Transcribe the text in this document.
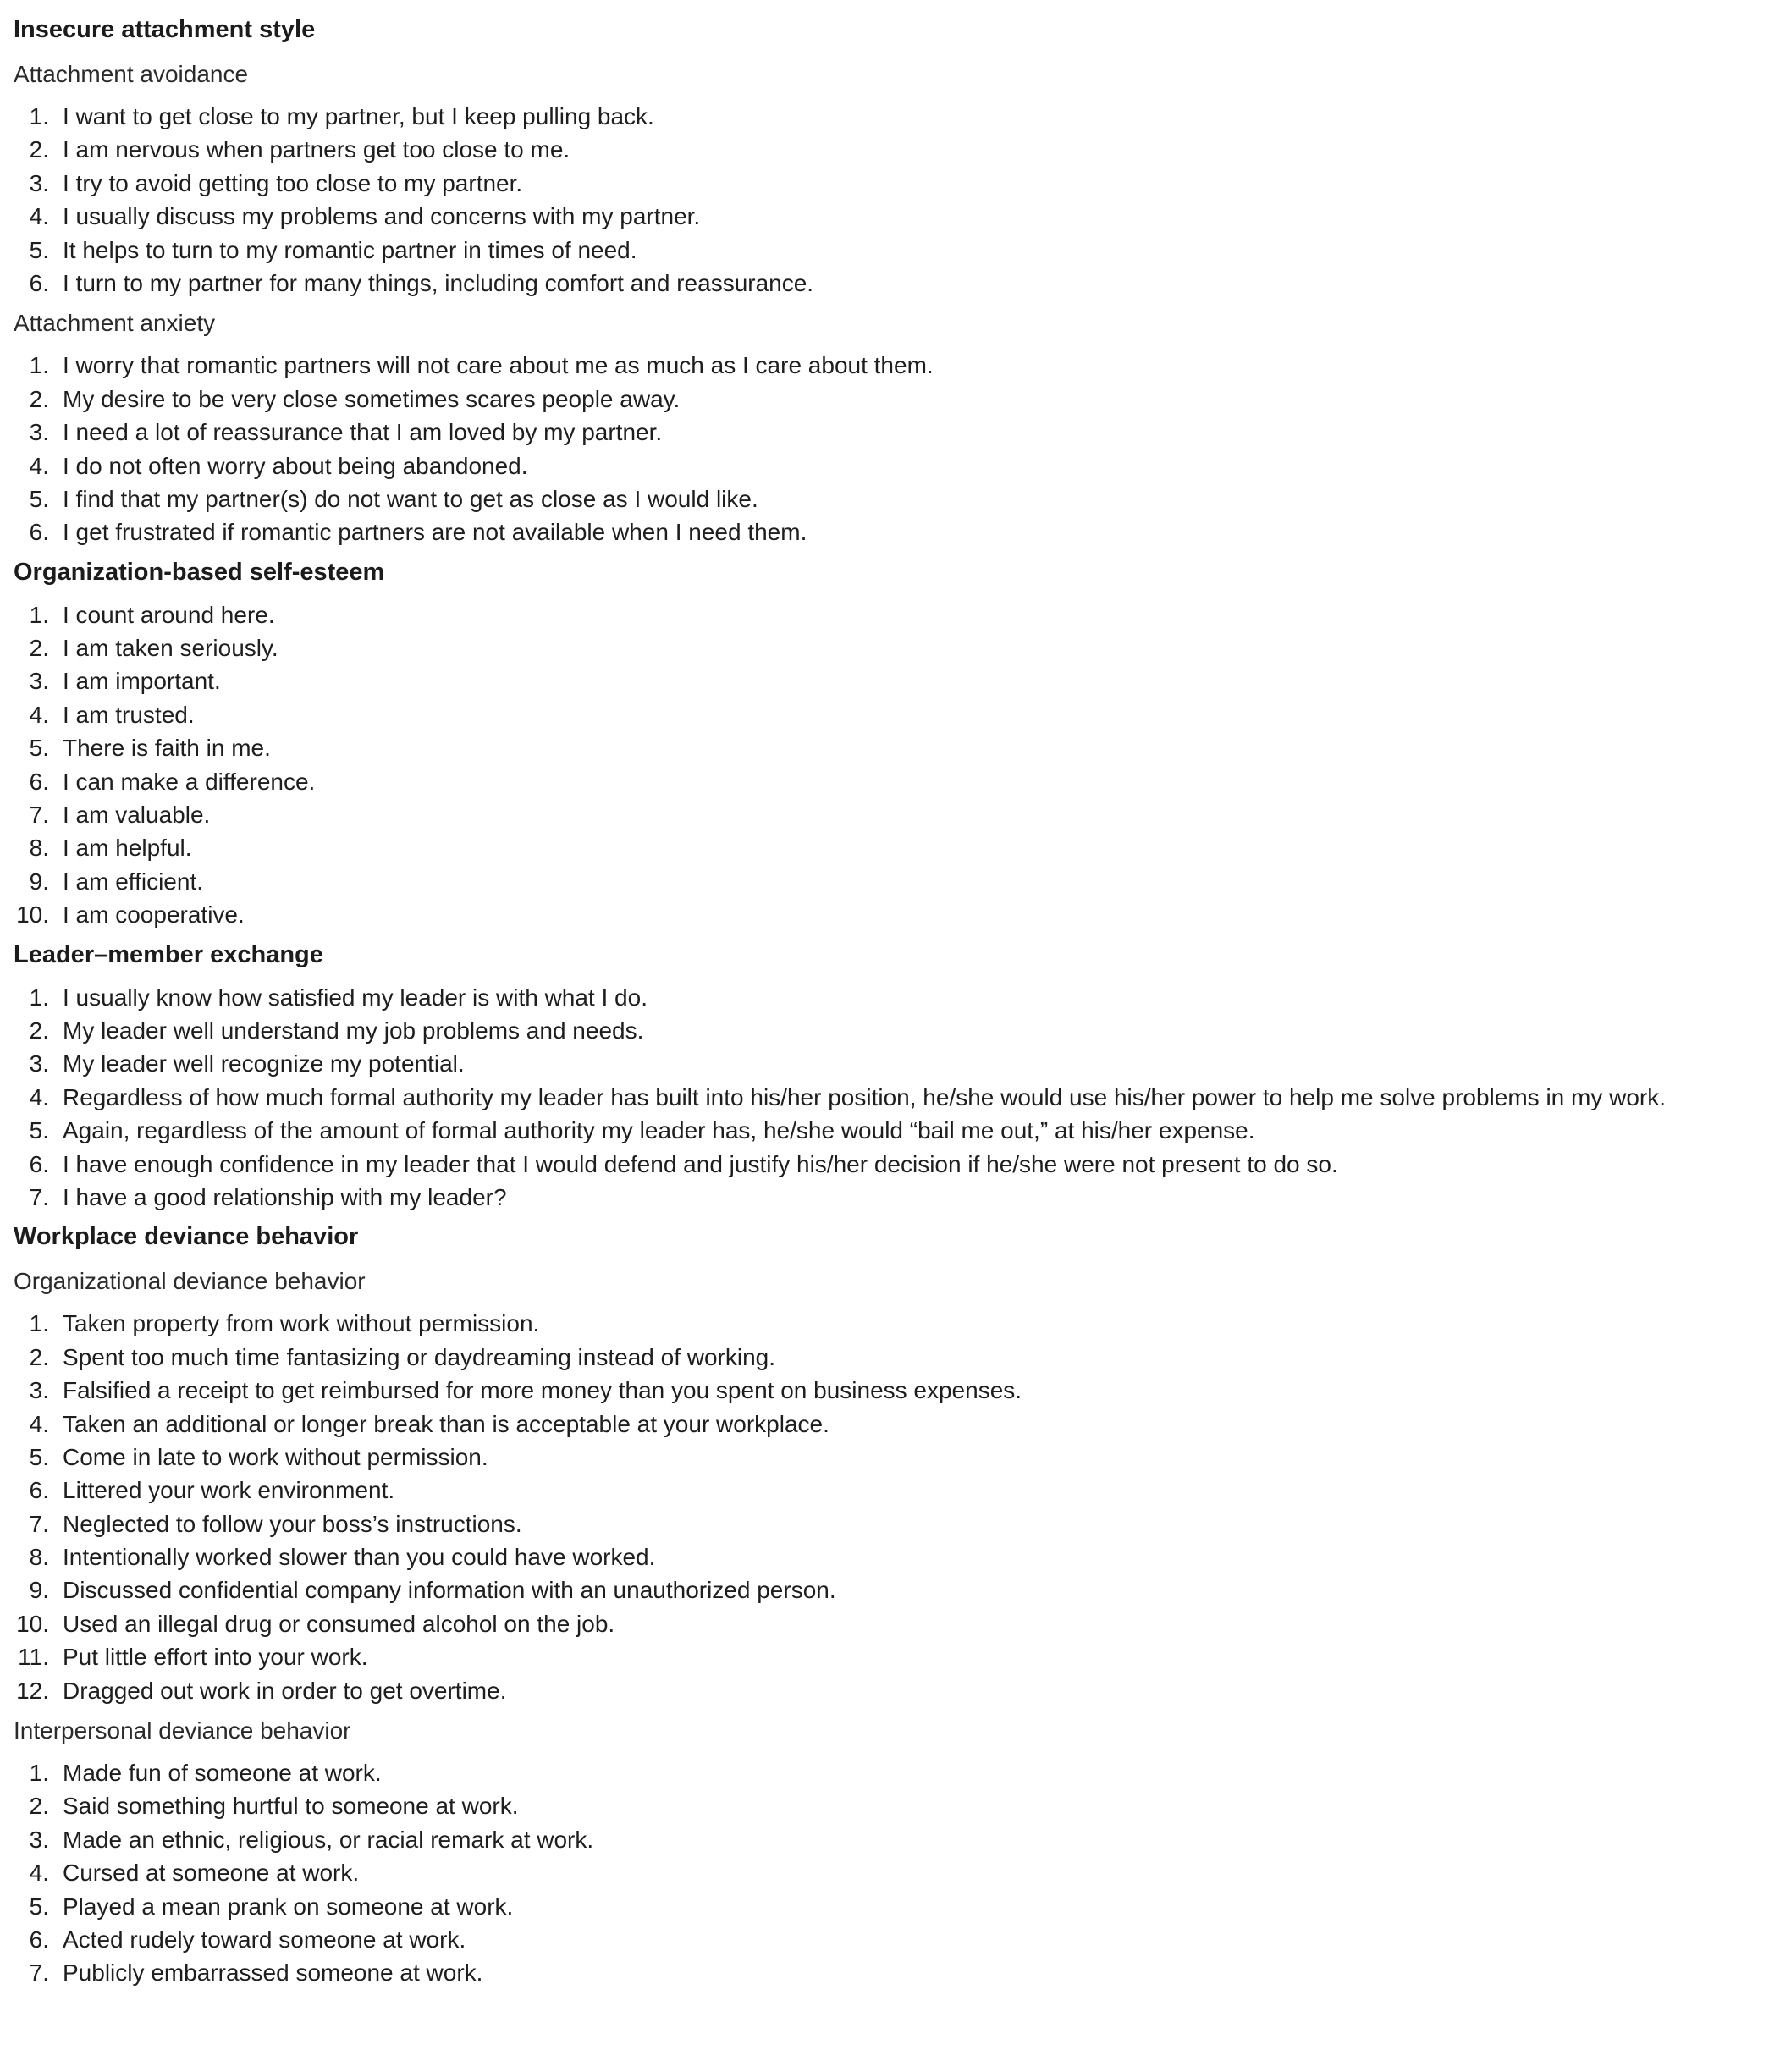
Insecure attachment style
Attachment avoidance
1. I want to get close to my partner, but I keep pulling back.
2. I am nervous when partners get too close to me.
3. I try to avoid getting too close to my partner.
4. I usually discuss my problems and concerns with my partner.
5. It helps to turn to my romantic partner in times of need.
6. I turn to my partner for many things, including comfort and reassurance.
Attachment anxiety
1. I worry that romantic partners will not care about me as much as I care about them.
2. My desire to be very close sometimes scares people away.
3. I need a lot of reassurance that I am loved by my partner.
4. I do not often worry about being abandoned.
5. I find that my partner(s) do not want to get as close as I would like.
6. I get frustrated if romantic partners are not available when I need them.
Organization-based self-esteem
1. I count around here.
2. I am taken seriously.
3. I am important.
4. I am trusted.
5. There is faith in me.
6. I can make a difference.
7. I am valuable.
8. I am helpful.
9. I am efficient.
10. I am cooperative.
Leader–member exchange
1. I usually know how satisfied my leader is with what I do.
2. My leader well understand my job problems and needs.
3. My leader well recognize my potential.
4. Regardless of how much formal authority my leader has built into his/her position, he/she would use his/her power to help me solve problems in my work.
5. Again, regardless of the amount of formal authority my leader has, he/she would “bail me out,” at his/her expense.
6. I have enough confidence in my leader that I would defend and justify his/her decision if he/she were not present to do so.
7. I have a good relationship with my leader?
Workplace deviance behavior
Organizational deviance behavior
1. Taken property from work without permission.
2. Spent too much time fantasizing or daydreaming instead of working.
3. Falsified a receipt to get reimbursed for more money than you spent on business expenses.
4. Taken an additional or longer break than is acceptable at your workplace.
5. Come in late to work without permission.
6. Littered your work environment.
7. Neglected to follow your boss’s instructions.
8. Intentionally worked slower than you could have worked.
9. Discussed confidential company information with an unauthorized person.
10. Used an illegal drug or consumed alcohol on the job.
11. Put little effort into your work.
12. Dragged out work in order to get overtime.
Interpersonal deviance behavior
1. Made fun of someone at work.
2. Said something hurtful to someone at work.
3. Made an ethnic, religious, or racial remark at work.
4. Cursed at someone at work.
5. Played a mean prank on someone at work.
6. Acted rudely toward someone at work.
7. Publicly embarrassed someone at work.
